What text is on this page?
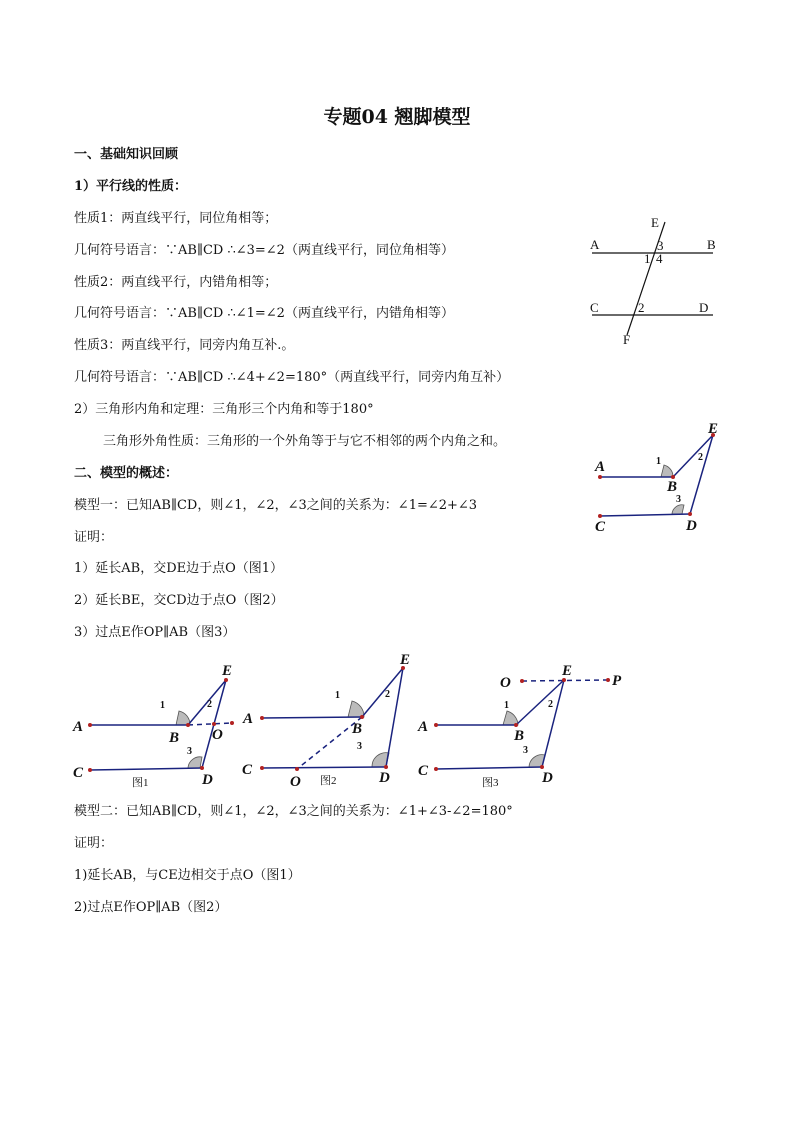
专题04 翘脚模型
一、基础知识回顾
1）平行线的性质：
性质1：两直线平行，同位角相等；
几何符号语言：∵AB∥CD ∴∠3=∠2（两直线平行，同位角相等）
性质2：两直线平行，内错角相等；
几何符号语言：∵AB∥CD ∴∠1=∠2（两直线平行，内错角相等）
性质3：两直线平行，同旁内角互补.。
几何符号语言：∵AB∥CD ∴∠4+∠2=180°（两直线平行，同旁内角互补）
2）三角形内角和定理：三角形三个内角和等于180°
三角形外角性质：三角形的一个外角等于与它不相邻的两个内角之和。
二、模型的概述：
模型一：已知AB∥CD，则∠1，∠2，∠3之间的关系为：∠1=∠2+∠3
证明：
1）延长AB，交DE边于点O（图1）
2）延长BE，交CD边于点O（图2）
3）过点E作OP∥AB（图3）
模型二：已知AB∥CD，则∠1，∠2，∠3之间的关系为：∠1+∠3-∠2=180°
证明：
1)延长AB，与CE边相交于点O（图1）
2)过点E作OP∥AB（图2）
E
A	B
3
1 4
C	2	D
F
E
A	1	2
B
3
C	D
E
1	2
A
B O
3
C
图1	D
E
1	2
A
B
3
C
O 图2	D
O
E
P
1	2
A
B
3
C
图3	D
